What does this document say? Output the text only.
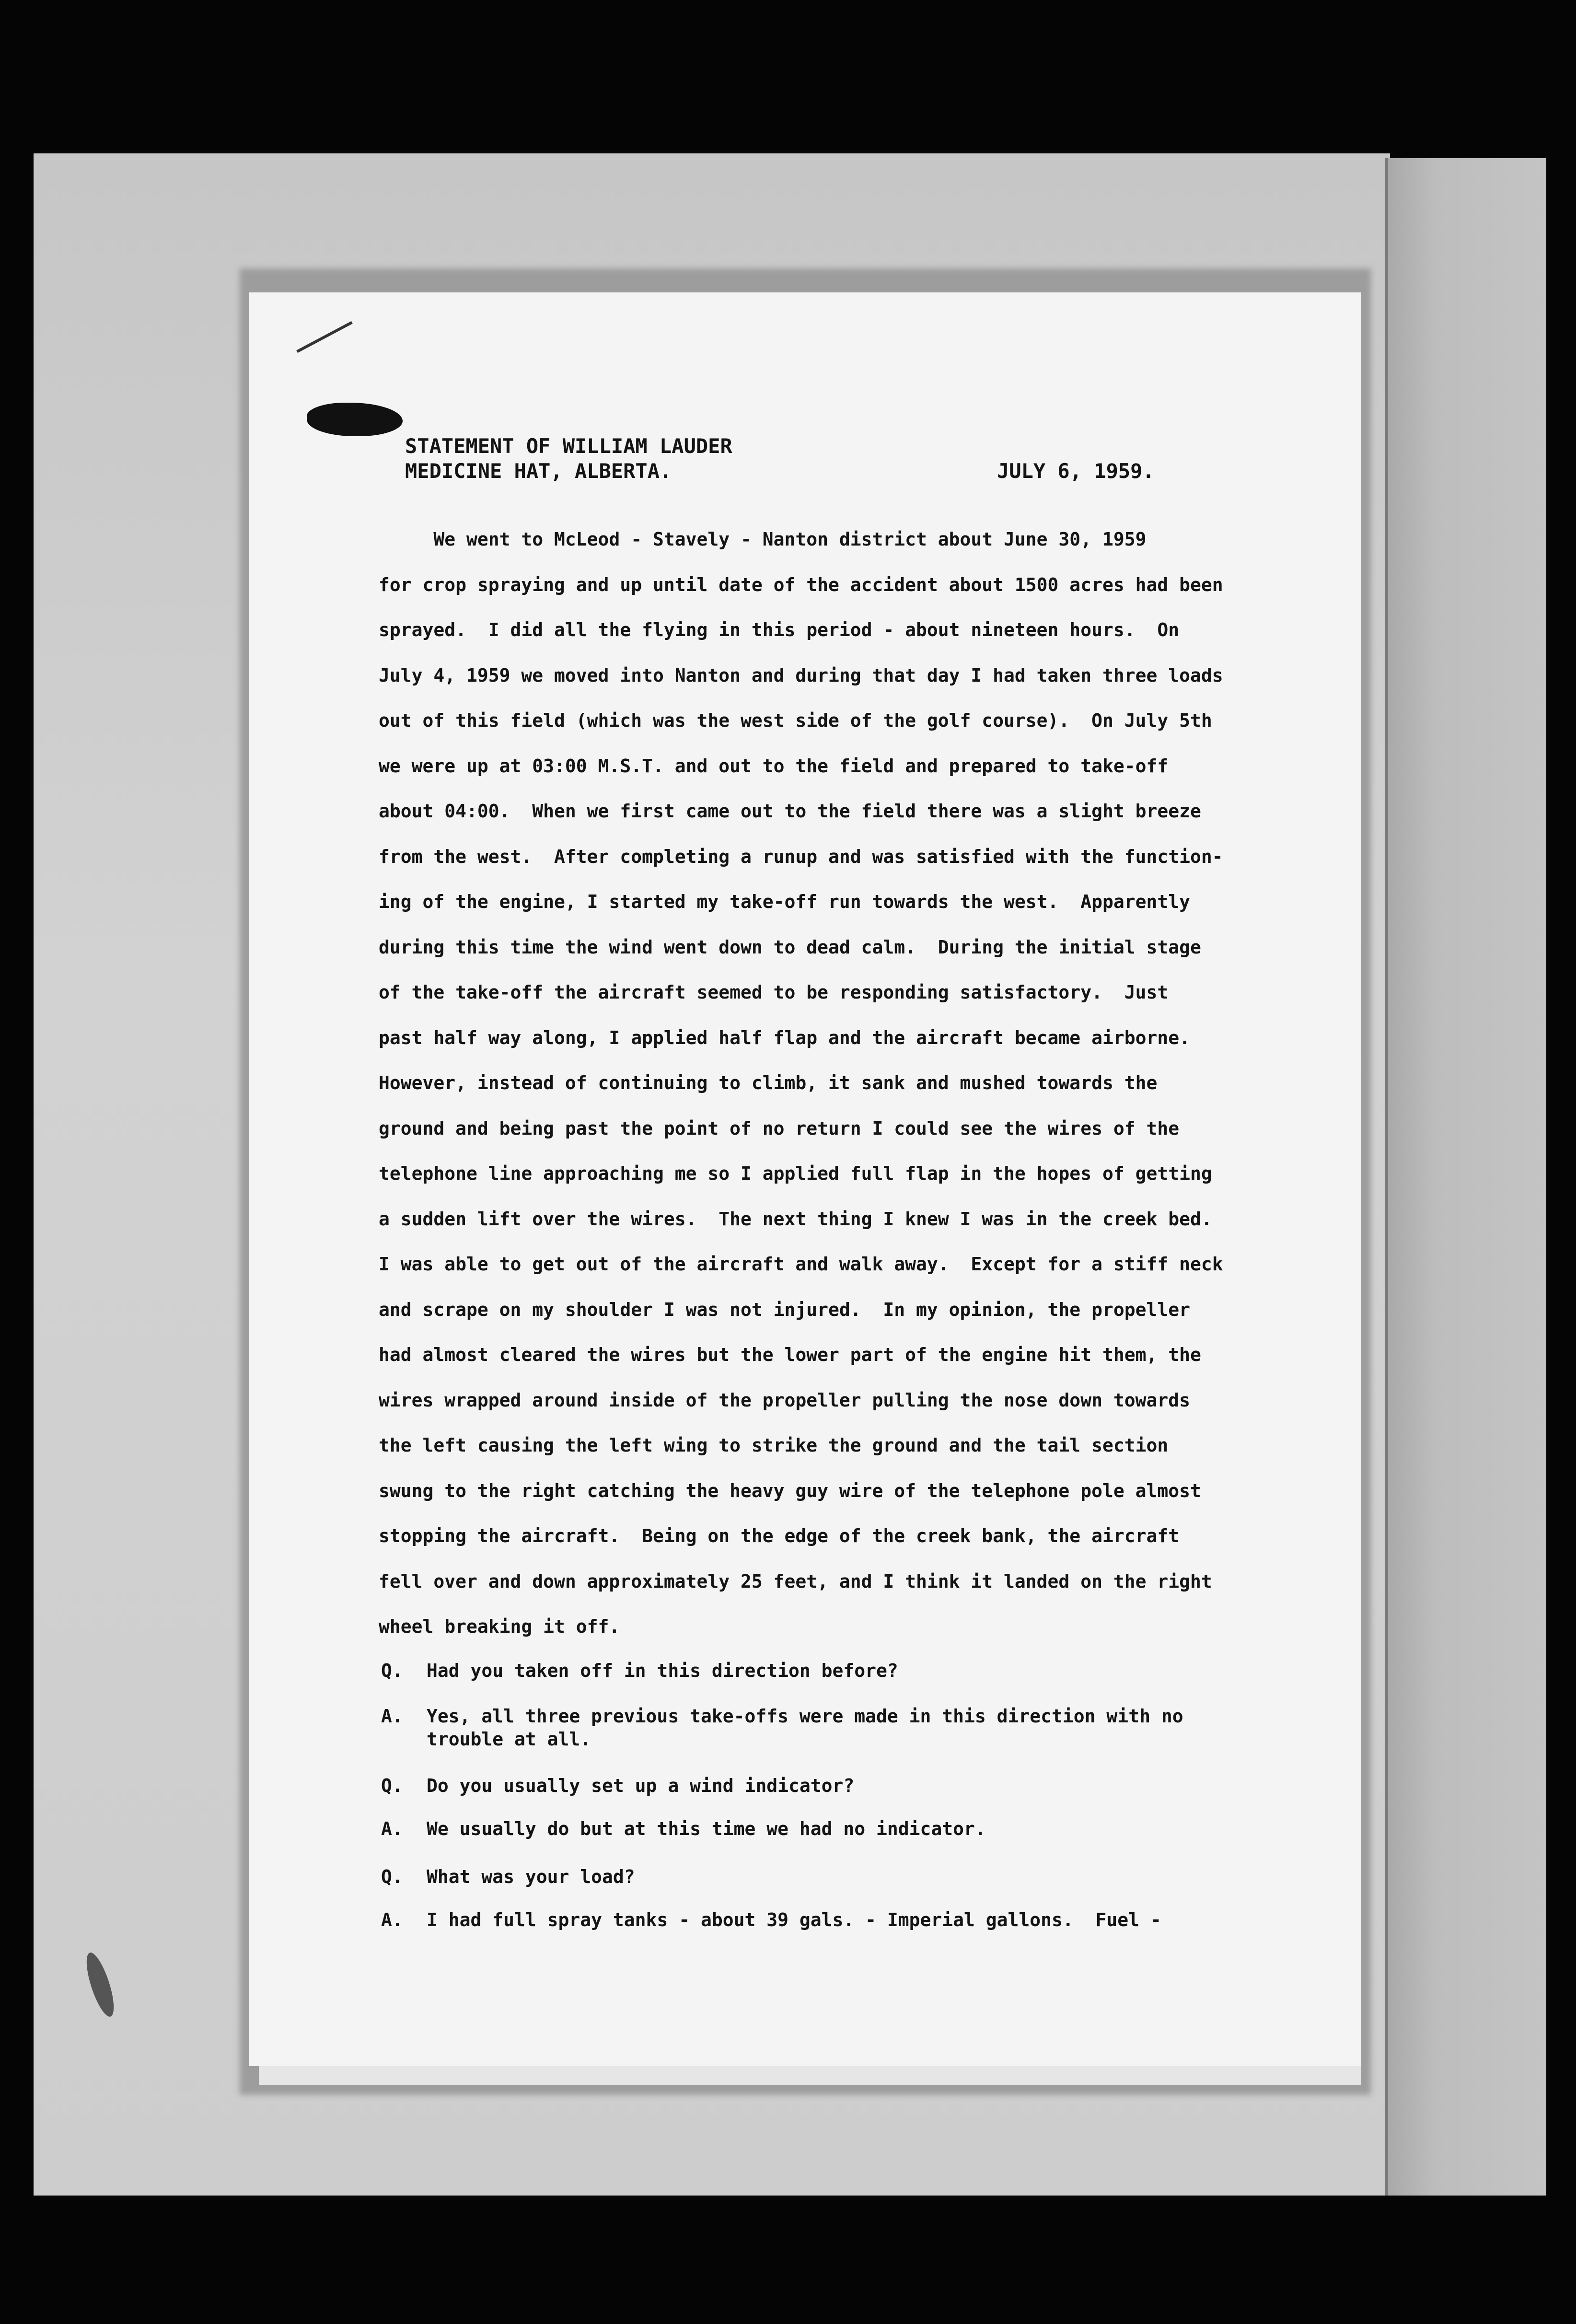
STATEMENT OF WILLIAM LAUDER
MEDICINE HAT, ALBERTA.	JULY 6, 1959.
We went to McLeod - Stavely - Nanton district about June 30, 1959
for crop spraying and up until date of the accident about 1500 acres had been
sprayed.  I did all the flying in this period - about nineteen hours.  On
July 4, 1959 we moved into Nanton and during that day I had taken three loads
out of this field (which was the west side of the golf course).  On July 5th
we were up at 03:00 M.S.T. and out to the field and prepared to take-off
about 04:00.  When we first came out to the field there was a slight breeze
from the west.  After completing a runup and was satisfied with the function-
ing of the engine, I started my take-off run towards the west.  Apparently
during this time the wind went down to dead calm.  During the initial stage
of the take-off the aircraft seemed to be responding satisfactory.  Just
past half way along, I applied half flap and the aircraft became airborne.
However, instead of continuing to climb, it sank and mushed towards the
ground and being past the point of no return I could see the wires of the
telephone line approaching me so I applied full flap in the hopes of getting
a sudden lift over the wires.  The next thing I knew I was in the creek bed.
I was able to get out of the aircraft and walk away.  Except for a stiff neck
and scrape on my shoulder I was not injured.  In my opinion, the propeller
had almost cleared the wires but the lower part of the engine hit them, the
wires wrapped around inside of the propeller pulling the nose down towards
the left causing the left wing to strike the ground and the tail section
swung to the right catching the heavy guy wire of the telephone pole almost
stopping the aircraft.  Being on the edge of the creek bank, the aircraft
fell over and down approximately 25 feet, and I think it landed on the right
wheel breaking it off.
Q. Had you taken off in this direction before?
A. Yes, all three previous take-offs were made in this direction with no
trouble at all.
Q. Do you usually set up a wind indicator?
A. We usually do but at this time we had no indicator.
Q. What was your load?
A. I had full spray tanks - about 39 gals. - Imperial gallons.  Fuel -
